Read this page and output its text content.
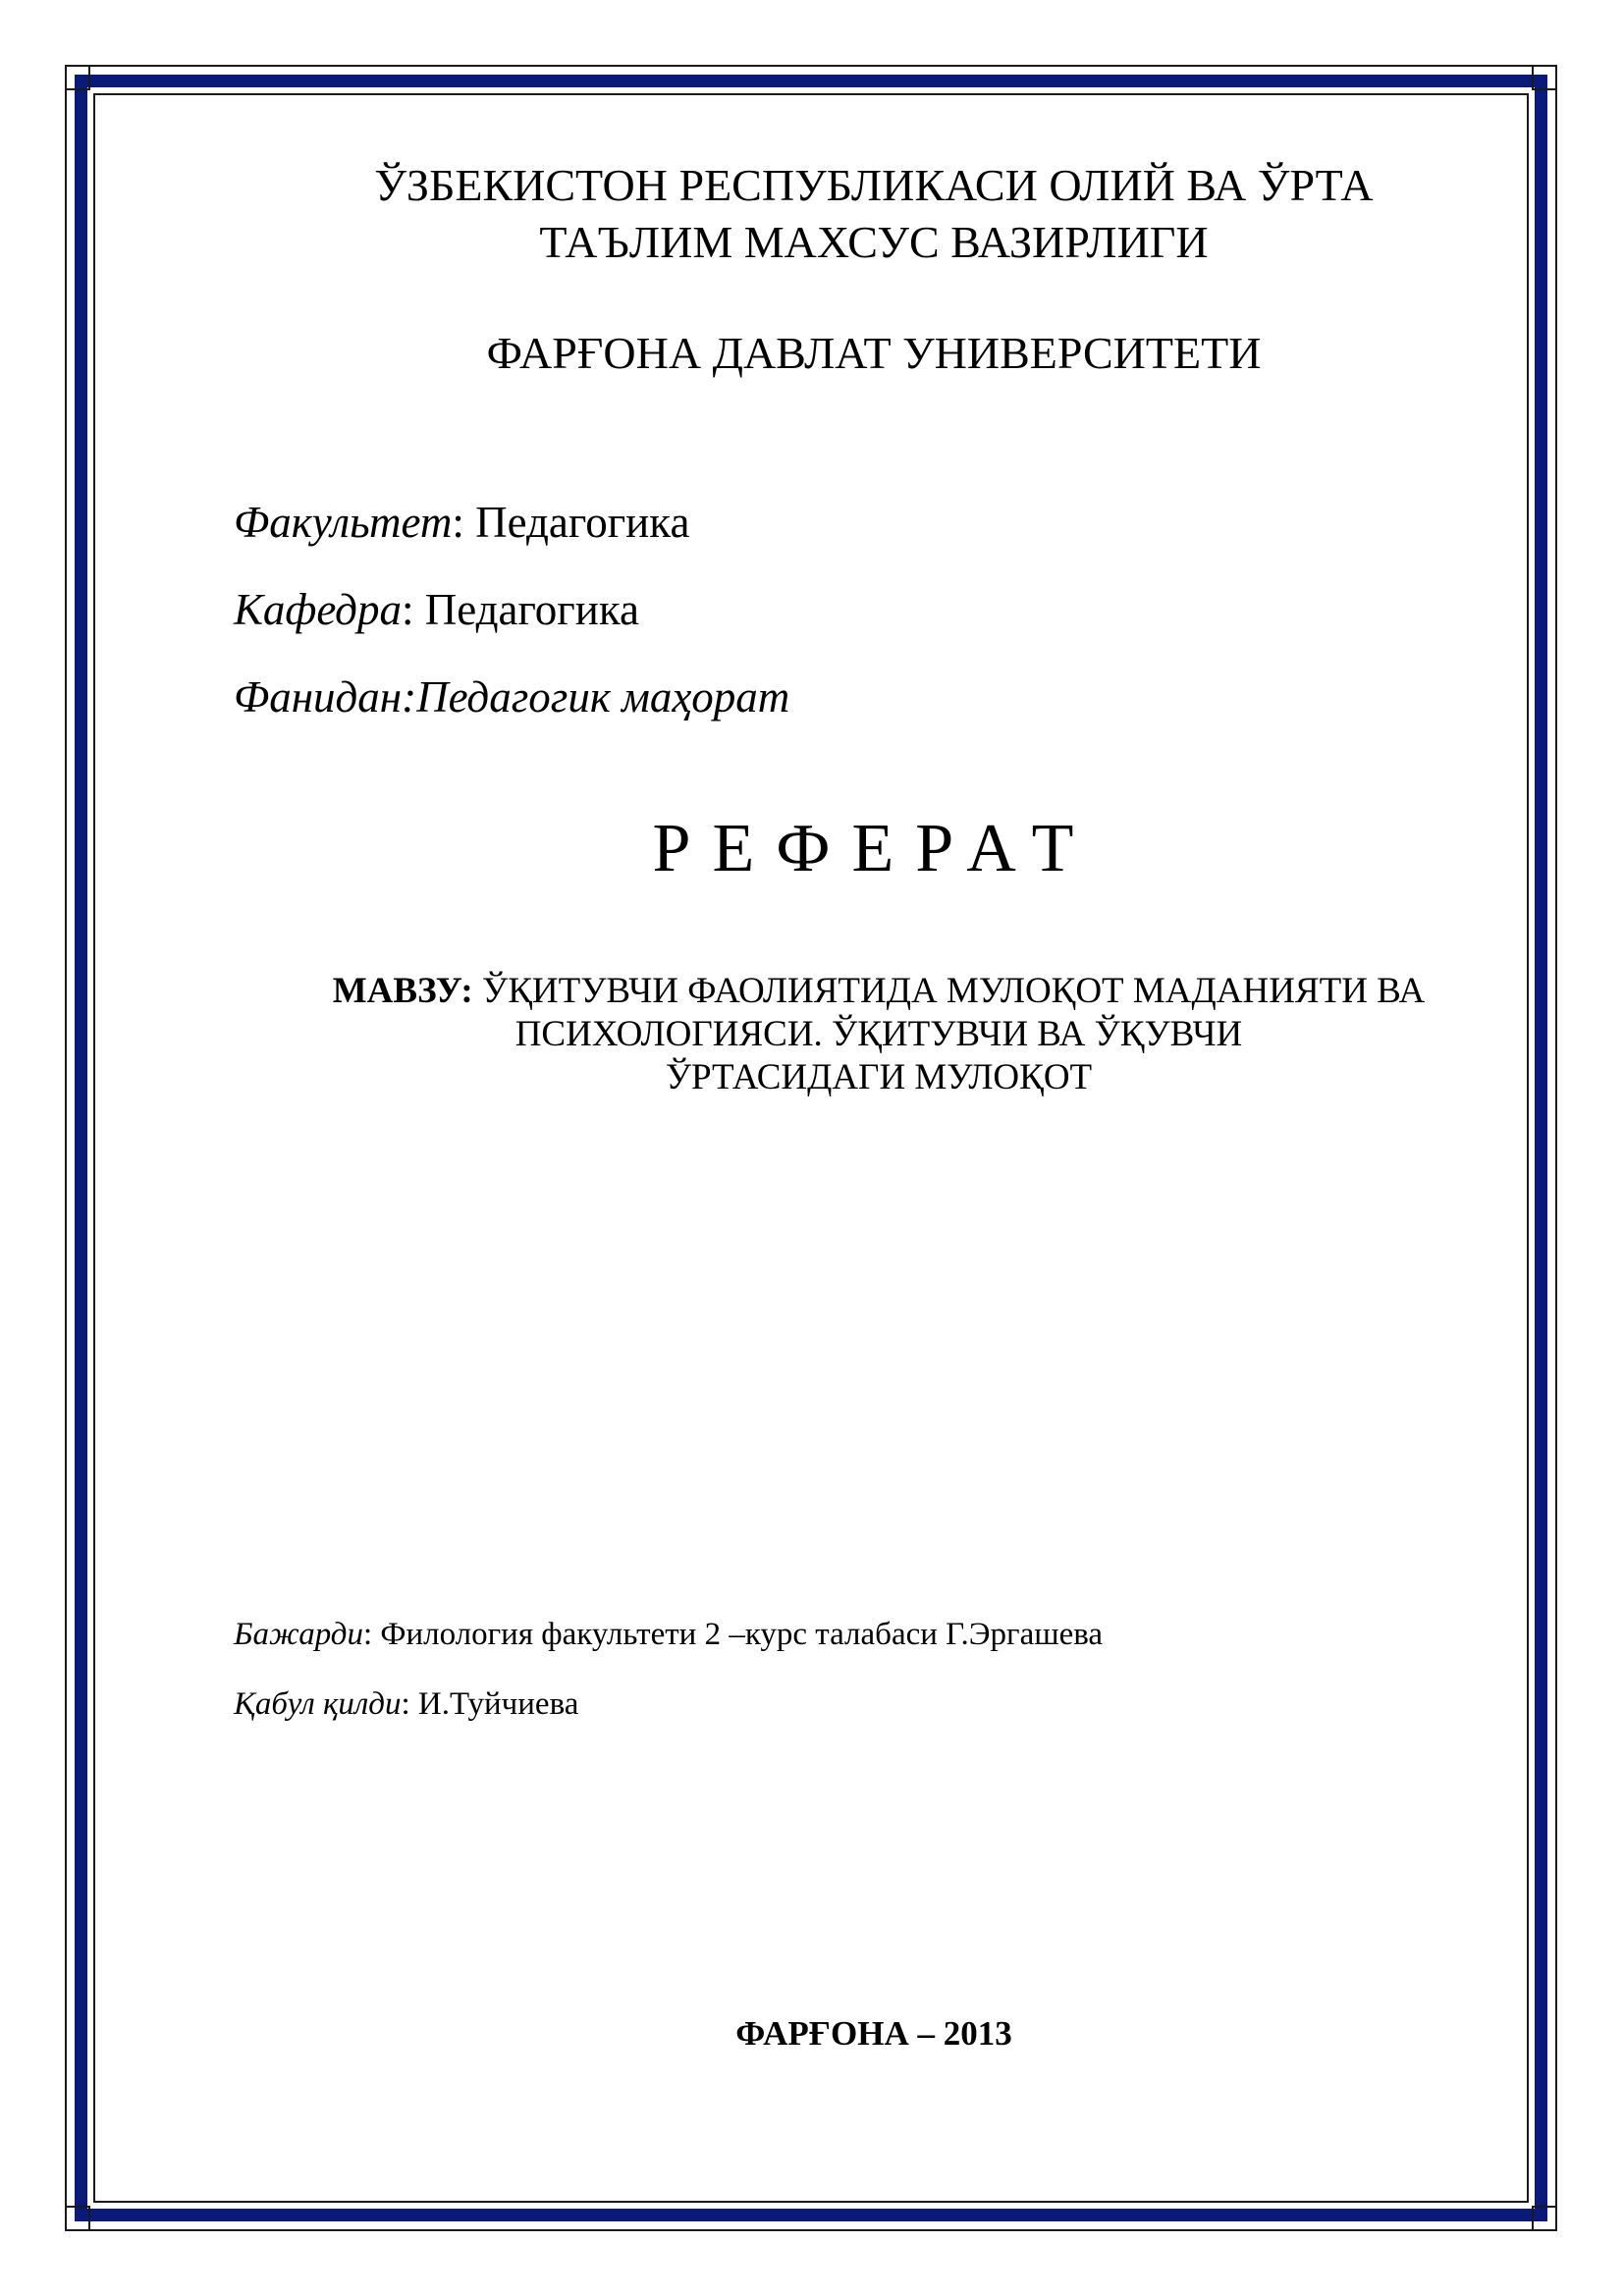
ЎЗБЕКИСТОН РЕСПУБЛИКАСИ ОЛИЙ ВА ЎРТА
ТАЪЛИМ МАХСУС ВАЗИРЛИГИ
ФАРҒОНА ДАВЛАТ УНИВЕРСИТЕТИ
Факультет: Педагогика
Кафедра: Педагогика
Фанидан:Педагогик маҳорат
РЕФЕРАТ
МАВЗУ: ЎҚИТУВЧИ ФАОЛИЯТИДА МУЛОҚОТ МАДАНИЯТИ ВА
ПСИХОЛОГИЯСИ. ЎҚИТУВЧИ ВА ЎҚУВЧИ
ЎРТАСИДАГИ МУЛОҚОТ
Бажарди: Филология факультети 2 –курс талабаси Г.Эргашева
Қабул қилди: И.Туйчиева
ФАРҒОНА – 2013
